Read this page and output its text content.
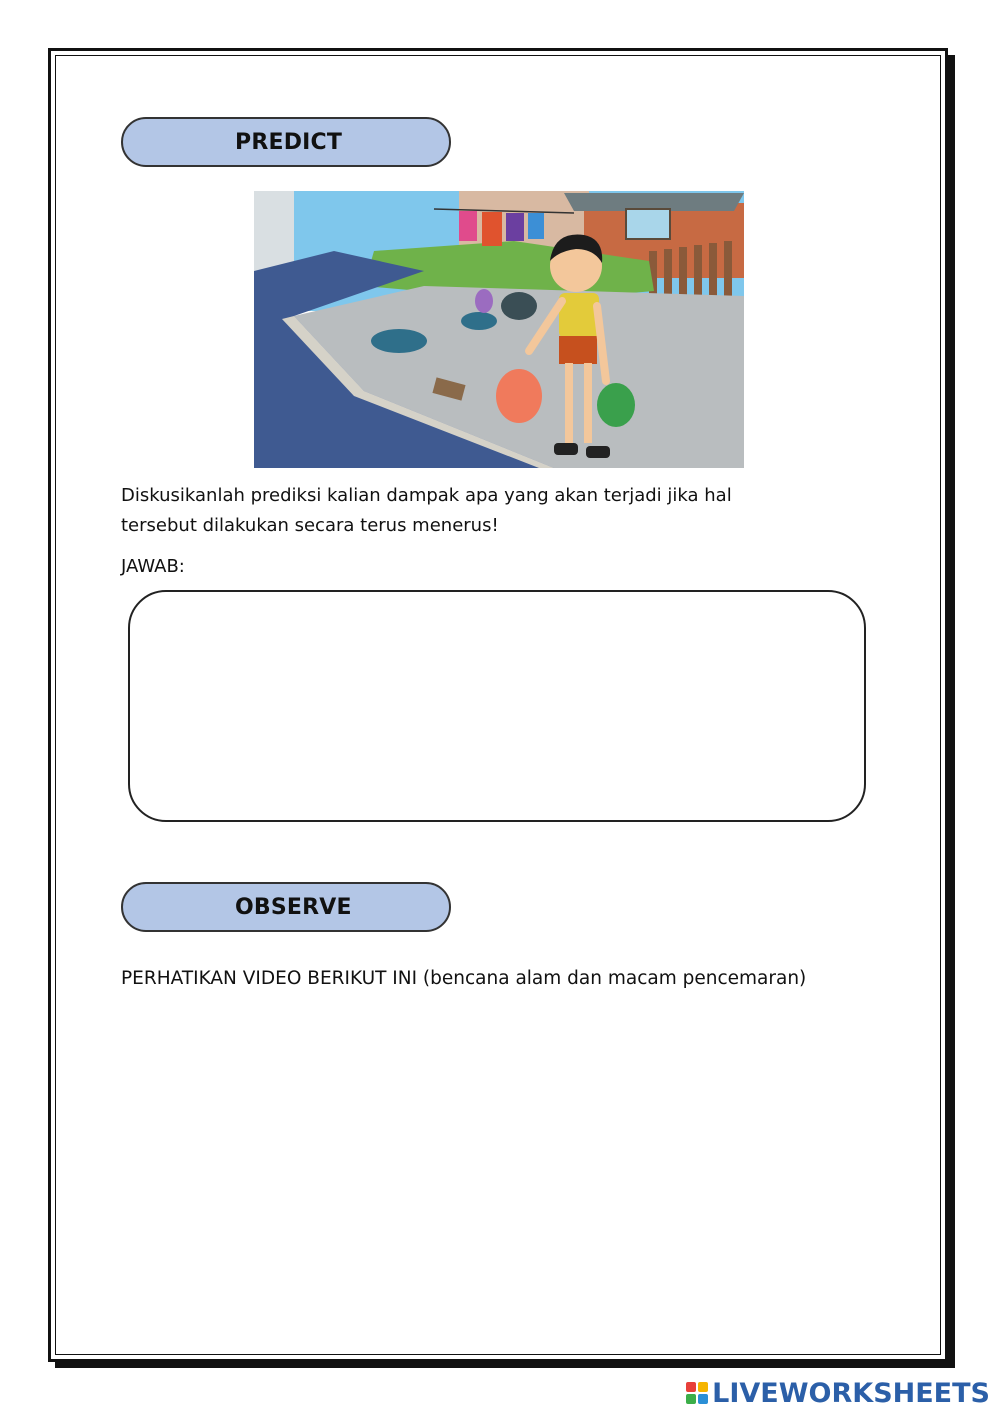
PREDICT
Diskusikanlah prediksi kalian dampak apa yang akan terjadi jika hal
tersebut dilakukan secara terus menerus!
JAWAB:
OBSERVE
PERHATIKAN VIDEO BERIKUT INI (bencana alam dan macam pencemaran)
LIVEWORKSHEETS
